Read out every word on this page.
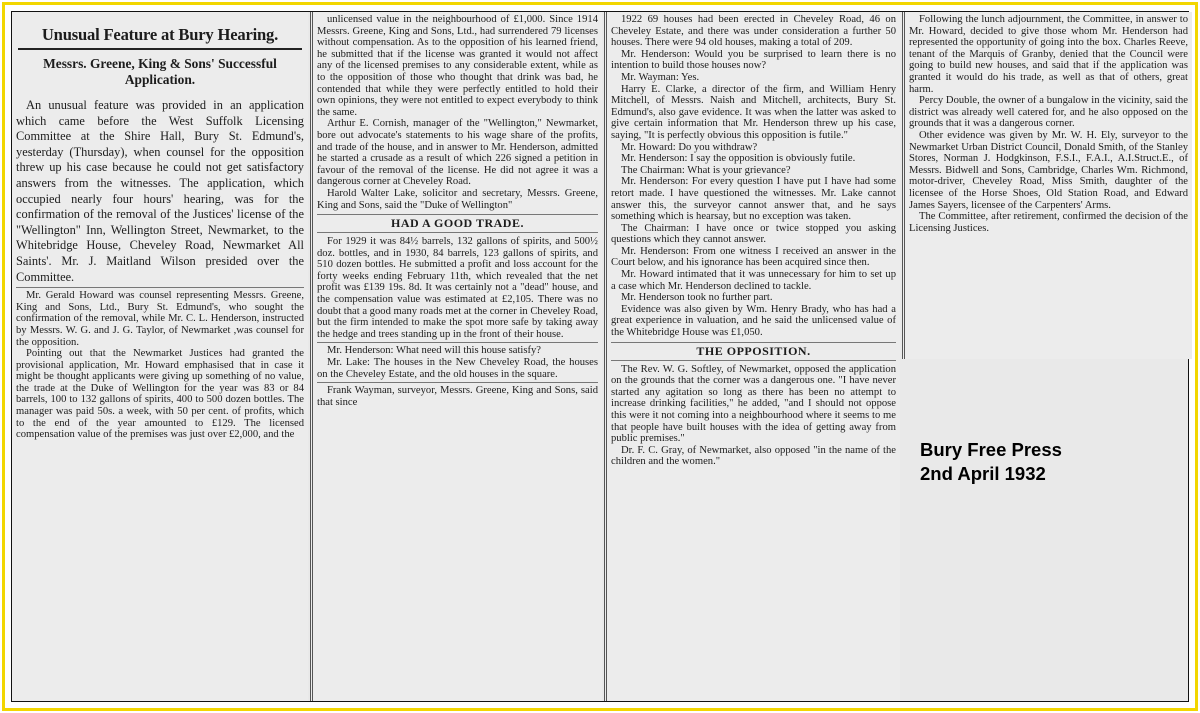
Unusual Feature at Bury Hearing.
Messrs. Greene, King & Sons' Successful Application.

An unusual feature was provided in an application which came before the West Suffolk Licensing Committee at the Shire Hall, Bury St. Edmund's, yesterday (Thursday), when counsel for the opposition threw up his case because he could not get satisfactory answers from the witnesses. The application, which occupied nearly four hours' hearing, was for the confirmation of the removal of the Justices' license of the "Wellington" Inn, Wellington Street, Newmarket, to the Whitebridge House, Cheveley Road, Newmarket All Saints'. Mr. J. Maitland Wilson presided over the Committee.

Mr. Gerald Howard was counsel representing Messrs. Greene, King and Sons, Ltd., Bury St. Edmund's, who sought the confirmation of the removal, while Mr. C. L. Henderson, instructed by Messrs. W. G. and J. G. Taylor, of Newmarket ,was counsel for the opposition.

Pointing out that the Newmarket Justices had granted the provisional application, Mr. Howard emphasised that in case it might be thought applicants were giving up something of no value, the trade at the Duke of Wellington for the year was 83 or 84 barrels, 100 to 132 gallons of spirits, 400 to 500 dozen bottles. The manager was paid 50s. a week, with 50 per cent. of profits, which to the end of the year amounted to £129. The licensed compensation value of the premises was just over £2,000, and the

unlicensed value in the neighbourhood of £1,000. Since 1914 Messrs. Greene, King and Sons, Ltd., had surrendered 79 licenses without compensation. As to the opposition of his learned friend, he submitted that if the license was granted it would not affect any of the licensed premises to any considerable extent, while as to the opposition of those who thought that drink was bad, he contended that while they were perfectly entitled to hold their own opinions, they were not entitled to expect everybody to think the same.

Arthur E. Cornish, manager of the "Wellington," Newmarket, bore out advocate's statements to his wage share of the profits, and trade of the house, and in answer to Mr. Henderson, admitted he started a crusade as a result of which 226 signed a petition in favour of the removal of the license. He did not agree it was a dangerous corner at Cheveley Road.

Harold Walter Lake, solicitor and secretary, Messrs. Greene, King and Sons, said the "Duke of Wellington"

HAD A GOOD TRADE.

For 1929 it was 84½ barrels, 132 gallons of spirits, and 500½ doz. bottles, and in 1930, 84 barrels, 123 gallons of spirits, and 510 dozen bottles. He submitted a profit and loss account for the forty weeks ending February 11th, which revealed that the net profit was £139 19s. 8d. It was certainly not a "dead" house, and the compensation value was estimated at £2,105. There was no doubt that a good many roads met at the corner in Cheveley Road, but the firm intended to make the spot more safe by taking away the hedge and trees standing up in the front of their house.

Mr. Henderson: What need will this house satisfy?

Mr. Lake: The houses in the New Cheveley Road, the houses on the Cheveley Estate, and the old houses in the square.

Frank Wayman, surveyor, Messrs. Greene, King and Sons, said that since

1922 69 houses had been erected in Cheveley Road, 46 on Cheveley Estate, and there was under consideration a further 50 houses. There were 94 old houses, making a total of 209.

Mr. Henderson: Would you be surprised to learn there is no intention to build those houses now?

Mr. Wayman: Yes.

Harry E. Clarke, a director of the firm, and William Henry Mitchell, of Messrs. Naish and Mitchell, architects, Bury St. Edmund's, also gave evidence. It was when the latter was asked to give certain information that Mr. Henderson threw up his case, saying, "It is perfectly obvious this opposition is futile."

Mr. Howard: Do you withdraw?

Mr. Henderson: I say the opposition is obviously futile.

The Chairman: What is your grievance?

Mr. Henderson: For every question I have put I have had some retort made. I have questioned the witnesses. Mr. Lake cannot answer this, the surveyor cannot answer that, and he says something which is hearsay, but no exception was taken.

The Chairman: I have once or twice stopped you asking questions which they cannot answer.

Mr. Henderson: From one witness I received an answer in the Court below, and his ignorance has been acquired since then.

Mr. Howard intimated that it was unnecessary for him to set up a case which Mr. Henderson declined to tackle.

Mr. Henderson took no further part.

Evidence was also given by Wm. Henry Brady, who has had a great experience in valuation, and he said the unlicensed value of the Whitebridge House was £1,050.

THE OPPOSITION.

The Rev. W. G. Softley, of Newmarket, opposed the application on the grounds that the corner was a dangerous one. "I have never started any agitation so long as there has been no attempt to increase drinking facilities," he added, "and I should not oppose this were it not coming into a neighbourhood where it seems to me that people have built houses with the idea of getting away from public premises."

Dr. F. C. Gray, of Newmarket, also opposed "in the name of the children and the women."

Following the lunch adjournment, the Committee, in answer to Mr. Howard, decided to give those whom Mr. Henderson had represented the opportunity of going into the box. Charles Reeve, tenant of the Marquis of Granby, denied that the Council were going to build new houses, and said that if the application was granted it would do his trade, as well as that of others, great harm.

Percy Double, the owner of a bungalow in the vicinity, said the district was already well catered for, and he also opposed on the grounds that it was a dangerous corner.

Other evidence was given by Mr. W. H. Ely, surveyor to the Newmarket Urban District Council, Donald Smith, of the Stanley Stores, Norman J. Hodgkinson, F.S.I., F.A.I., A.I.Struct.E., of Messrs. Bidwell and Sons, Cambridge, Charles Wm. Richmond, motor-driver, Cheveley Road, Miss Smith, daughter of the licensee of the Horse Shoes, Old Station Road, and Edward James Sayers, licensee of the Carpenters' Arms.

The Committee, after retirement, confirmed the decision of the Licensing Justices.

Bury Free Press
2nd April 1932
